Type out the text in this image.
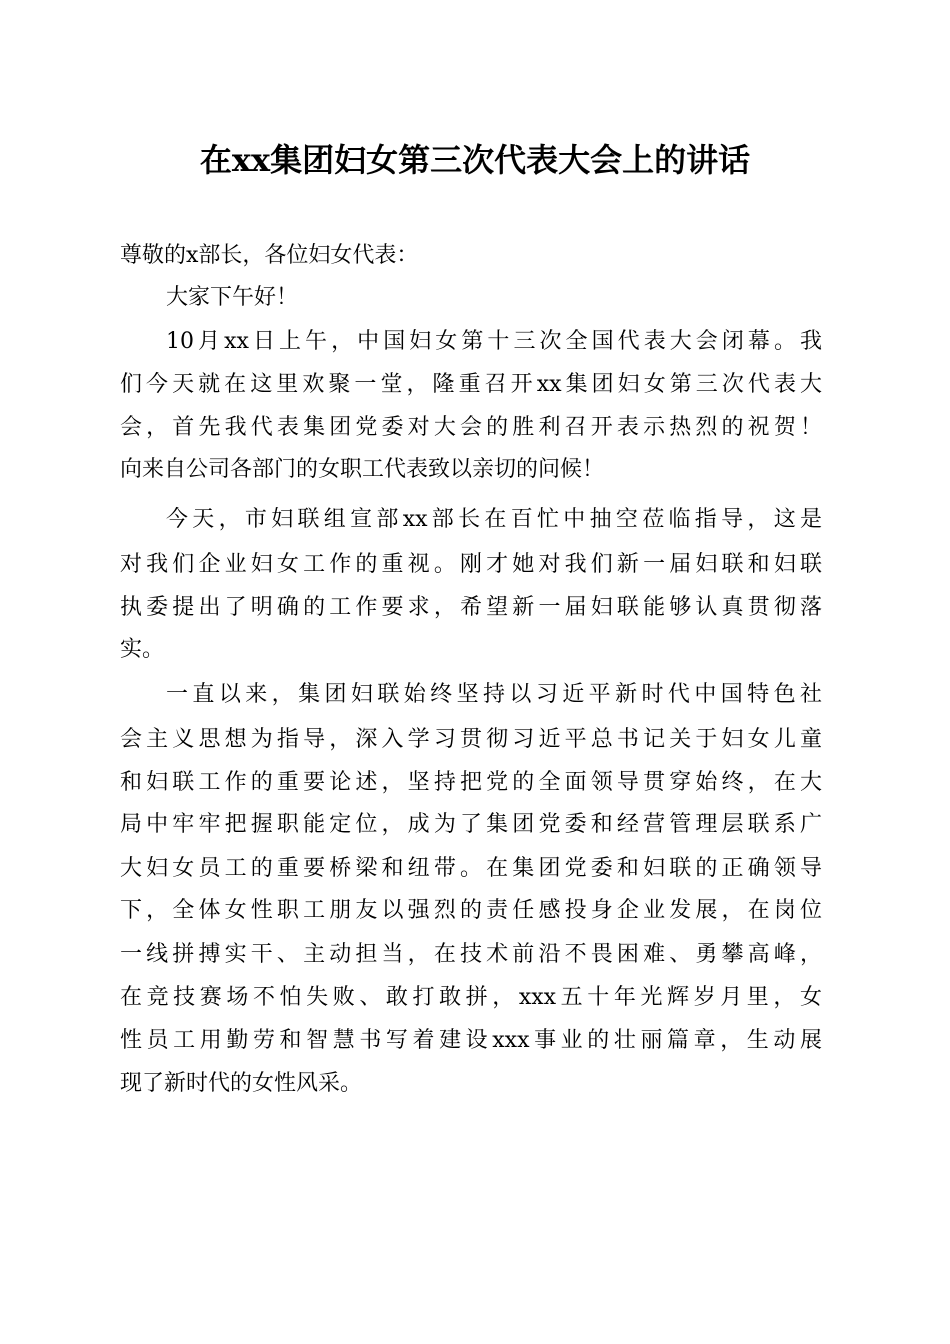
在xx集团妇女第三次代表大会上的讲话
尊敬的x部长，各位妇女代表：
大家下午好！
10月xx日上午，中国妇女第十三次全国代表大会闭幕。我
们今天就在这里欢聚一堂，隆重召开xx集团妇女第三次代表大
会，首先我代表集团党委对大会的胜利召开表示热烈的祝贺！
向来自公司各部门的女职工代表致以亲切的问候！
今天，市妇联组宣部xx部长在百忙中抽空莅临指导，这是
对我们企业妇女工作的重视。刚才她对我们新一届妇联和妇联
执委提出了明确的工作要求，希望新一届妇联能够认真贯彻落
实。
一直以来，集团妇联始终坚持以习近平新时代中国特色社
会主义思想为指导，深入学习贯彻习近平总书记关于妇女儿童
和妇联工作的重要论述，坚持把党的全面领导贯穿始终，在大
局中牢牢把握职能定位，成为了集团党委和经营管理层联系广
大妇女员工的重要桥梁和纽带。在集团党委和妇联的正确领导
下，全体女性职工朋友以强烈的责任感投身企业发展，在岗位
一线拼搏实干、主动担当，在技术前沿不畏困难、勇攀高峰，
在竞技赛场不怕失败、敢打敢拼，xxx五十年光辉岁月里，女
性员工用勤劳和智慧书写着建设xxx事业的壮丽篇章，生动展
现了新时代的女性风采。
